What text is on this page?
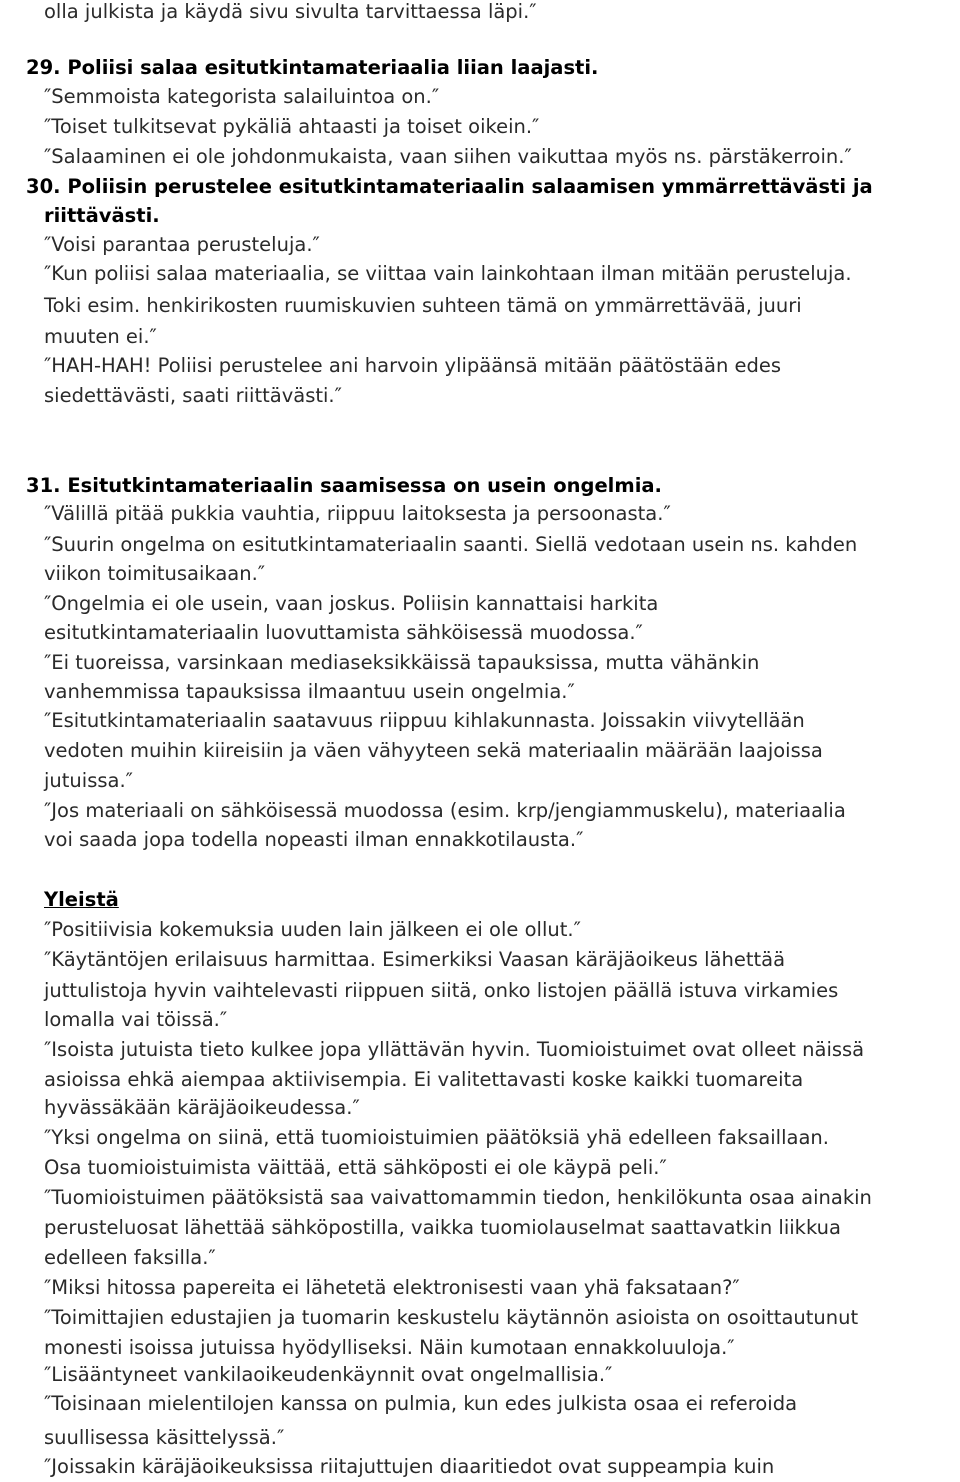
olla julkista ja käydä sivu sivulta tarvittaessa läpi.″
29. Poliisi salaa esitutkintamateriaalia liian laajasti.
″Semmoista kategorista salailuintoa on.″
″Toiset tulkitsevat pykäliä ahtaasti ja toiset oikein.″
″Salaaminen ei ole johdonmukaista, vaan siihen vaikuttaa myös ns. pärstäkerroin.″
30. Poliisin perustelee esitutkintamateriaalin salaamisen ymmärrettävästi ja
riittävästi.
″Voisi parantaa perusteluja.″
″Kun poliisi salaa materiaalia, se viittaa vain lainkohtaan ilman mitään perusteluja.
Toki esim. henkirikosten ruumiskuvien suhteen tämä on ymmärrettävää, juuri
muuten ei.″
″HAH-HAH! Poliisi perustelee ani harvoin ylipäänsä mitään päätöstään edes
siedettävästi, saati riittävästi.″
31. Esitutkintamateriaalin saamisessa on usein ongelmia.
″Välillä pitää pukkia vauhtia, riippuu laitoksesta ja persoonasta.″
″Suurin ongelma on esitutkintamateriaalin saanti. Siellä vedotaan usein ns. kahden
viikon toimitusaikaan.″
″Ongelmia ei ole usein, vaan joskus. Poliisin kannattaisi harkita
esitutkintamateriaalin luovuttamista sähköisessä muodossa.″
″Ei tuoreissa, varsinkaan mediaseksikkäissä tapauksissa, mutta vähänkin
vanhemmissa tapauksissa ilmaantuu usein ongelmia.″
″Esitutkintamateriaalin saatavuus riippuu kihlakunnasta. Joissakin viivytellään
vedoten muihin kiireisiin ja väen vähyyteen sekä materiaalin määrään laajoissa
jutuissa.″
″Jos materiaali on sähköisessä muodossa (esim. krp/jengiammuskelu), materiaalia
voi saada jopa todella nopeasti ilman ennakkotilausta.″
Yleistä
″Positiivisia kokemuksia uuden lain jälkeen ei ole ollut.″
″Käytäntöjen erilaisuus harmittaa. Esimerkiksi Vaasan käräjäoikeus lähettää
juttulistoja hyvin vaihtelevasti riippuen siitä, onko listojen päällä istuva virkamies
lomalla vai töissä.″
″Isoista jutuista tieto kulkee jopa yllättävän hyvin. Tuomioistuimet ovat olleet näissä
asioissa ehkä aiempaa aktiivisempia. Ei valitettavasti koske kaikki tuomareita
hyvässäkään käräjäoikeudessa.″
″Yksi ongelma on siinä, että tuomioistuimien päätöksiä yhä edelleen faksaillaan.
Osa tuomioistuimista väittää, että sähköposti ei ole käypä peli.″
″Tuomioistuimen päätöksistä saa vaivattomammin tiedon, henkilökunta osaa ainakin
perusteluosat lähettää sähköpostilla, vaikka tuomiolauselmat saattavatkin liikkua
edelleen faksilla.″
″Miksi hitossa papereita ei lähetetä elektronisesti vaan yhä faksataan?″
″Toimittajien edustajien ja tuomarin keskustelu käytännön asioista on osoittautunut
monesti isoissa jutuissa hyödylliseksi. Näin kumotaan ennakkoluuloja.″
″Lisääntyneet vankilaoikeudenkäynnit ovat ongelmallisia.″
″Toisinaan mielentilojen kanssa on pulmia, kun edes julkista osaa ei referoida
suullisessa käsittelyssä.″
″Joissakin käräjäoikeuksissa riitajuttujen diaaritiedot ovat suppeampia kuin
